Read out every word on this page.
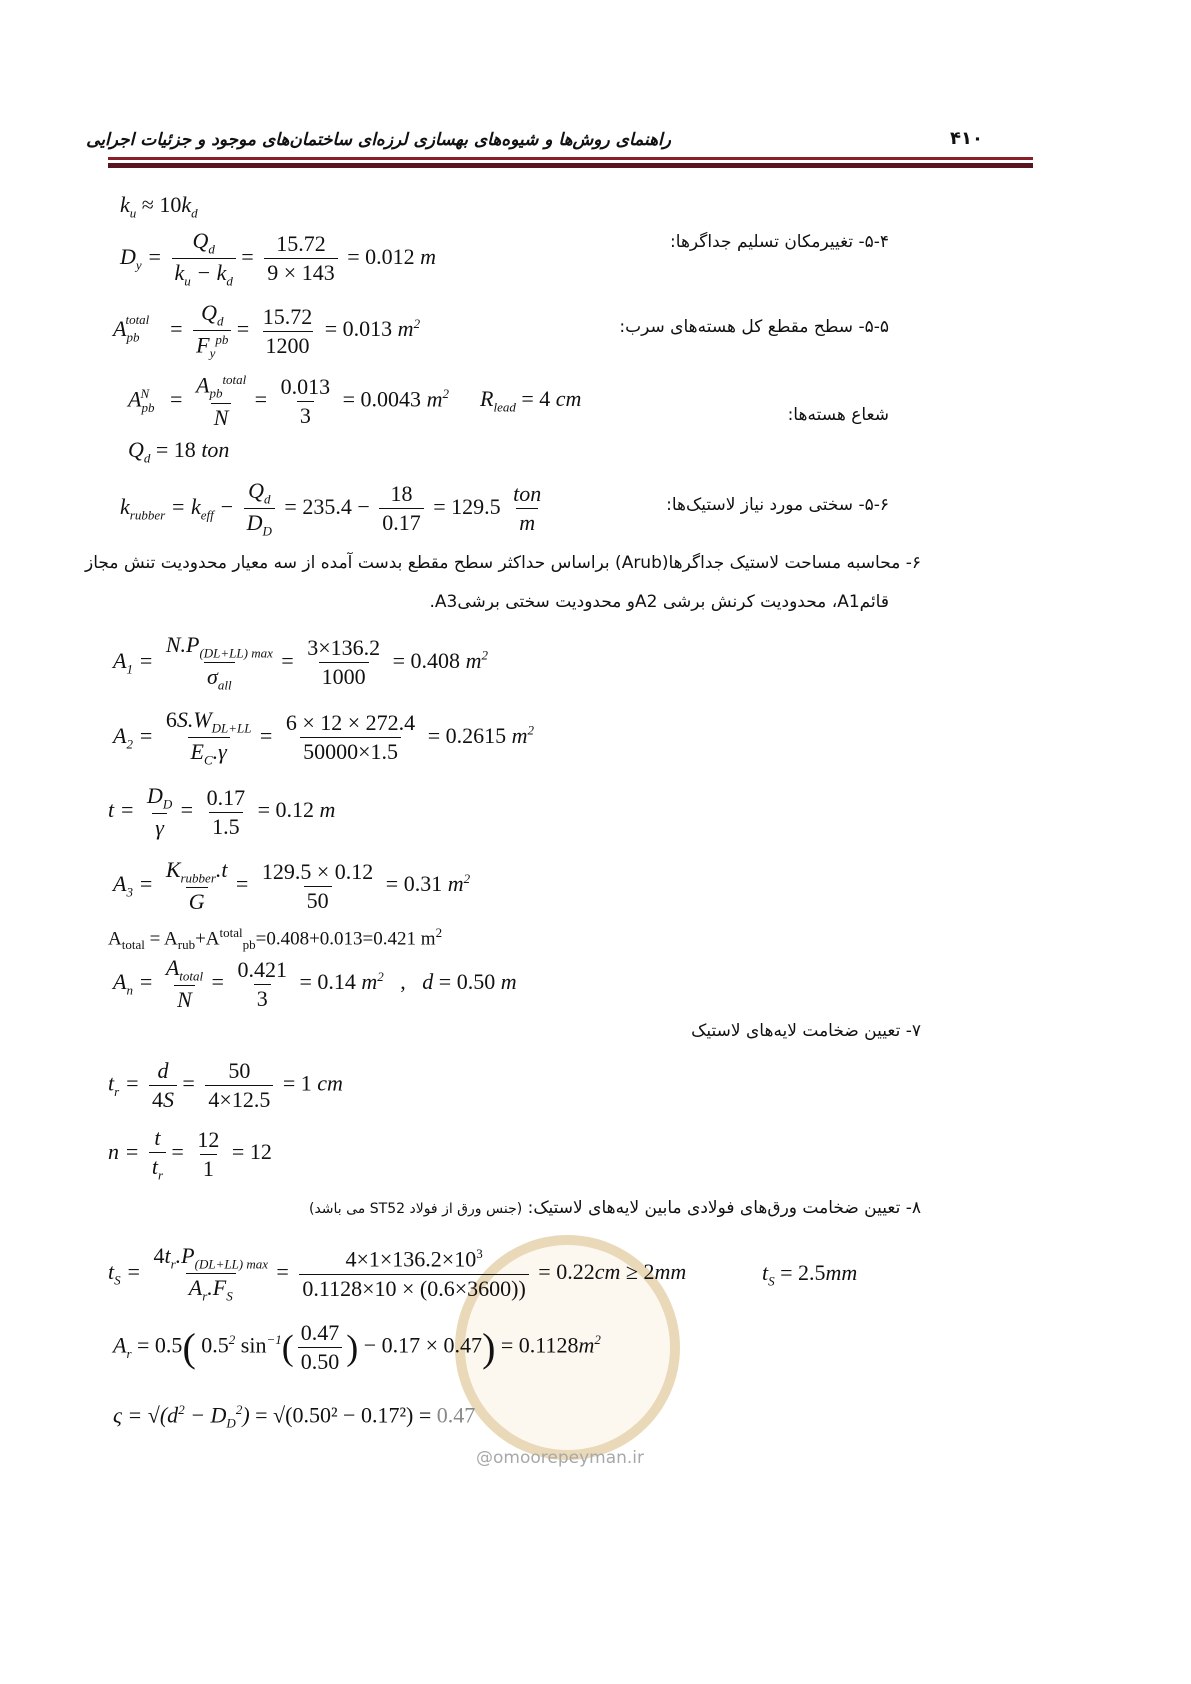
۴۱۰
راهنمای روش‌ها و شیوه‌های بهسازی لرزه‌ای ساختمان‌های موجود و جزئیات اجرایی
$k_u \approx 10k_d$
۵-۴- تغییرمکان تسلیم جداگرها:
$D_y = \frac{Q_d}{k_u - k_d} = \frac{15.72}{9 \times 143} = 0.012$ m
۵-۵- سطح مقطع کل هسته‌های سرب:
$A_{pb}^{total} = \frac{Q_d}{F_y^{pb}} = \frac{15.72}{1200} = 0.013$ $m^2$
$A_{pb}^N = \frac{A_{pb}^{total}}{N} = \frac{0.013}{3} = 0.0043$ $m^2$ $R_{lead} = 4$ cm
شعاع هسته‌ها:
$Q_d = 18$ ton
۵-۶- سختی مورد نیاز لاستیک‌ها:
$k_{rubber} = k_{eff} - \frac{Q_d}{D_D} = 235.4 - \frac{18}{0.17} = 129.5 \frac{\text{ton}}{m}$
۶- محاسبه مساحت لاستیک جداگرها(Arub) براساس حداکثر سطح مقطع بدست آمده از سه معیار محدودیت تنش مجاز
قائمA1، محدودیت کرنش برشی A2و محدودیت سختی برشیA3.
$A_1 = \frac{N.P_{(DL+LL) max}}{\sigma_{all}} = \frac{3\times 136.2}{1000} = 0.408$ $m^2$
$A_2 = \frac{6S.W_{DL+LL}}{E_C.\gamma} = \frac{6 \times 12 \times 272.4}{50000\times 1.5} = 0.2615$ $m^2$
$t = \frac{D_D}{\gamma} = \frac{0.17}{1.5} = 0.12$ m
$A_3 = \frac{K_{rubber}.t}{G} = \frac{129.5 \times 0.12}{50} = 0.31$ $m^2$
$A_{total} = A_{rub}+A^{total}_{pb}=0.408+0.013=0.421$ $m^2$
$A_n = \frac{A_{total}}{N} = \frac{0.421}{3} = 0.14$ $m^2$ ,   d = 0.50 m
۷- تعیین ضخامت لایه‌های لاستیک
$t_r = \frac{d}{4S} = \frac{50}{4\times 12.5} = 1$ cm
$n = \frac{t}{t_r} = \frac{12}{1} = 12$
۸- تعیین ضخامت ورق‌های فولادی مابین لایه‌های لاستیک: (جنس ورق از فولاد ST52 می باشد)
@omoorepeyman.ir
$t_S = \frac{4t_r.P_{(DL+LL) max}}{A_r.F_S} = \frac{4\times 1\times 136.2\times 10^3}{0.1128\times 10 \times (0.6\times 3600))} = 0.22cm \ge 2mm$	$t_S = 2.5mm$
$A_r = 0.5$( $0.5^2$ $\sin^{-1}( \frac{0.47}{0.50}$ ) − $0.17 \times 0.47) = 0.1128m^2$
$\varsigma = √(d^2 - D_D^2) = √(0.50^2 - 0.17^2) = 0.47$
